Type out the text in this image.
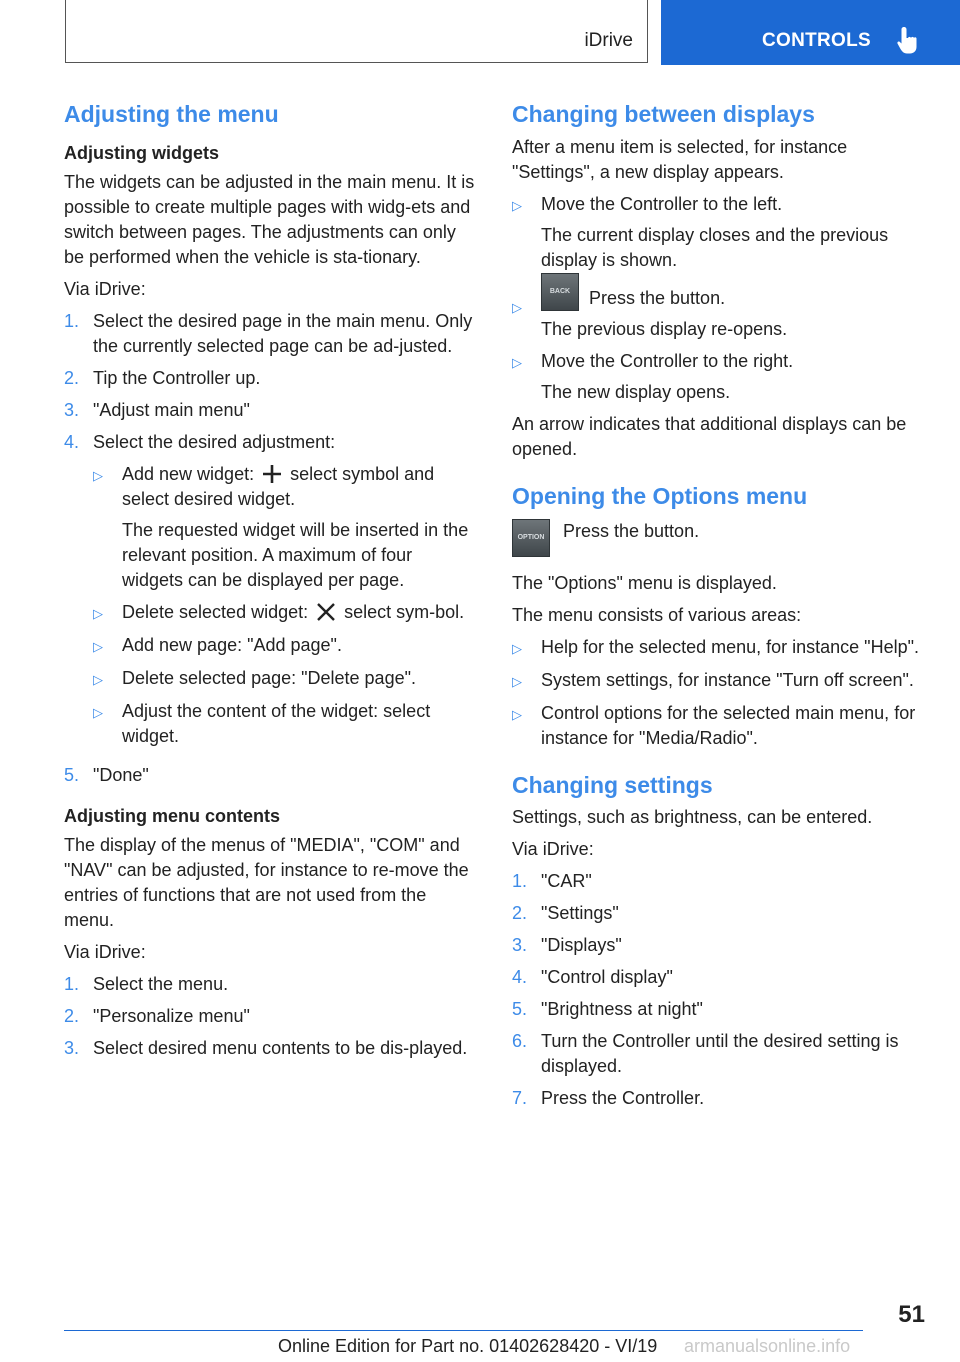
iDrive	CONTROLS
Adjusting the menu
Adjusting widgets
The widgets can be adjusted in the main menu. It is possible to create multiple pages with widg‐ets and switch between pages. The adjustments can only be performed when the vehicle is sta‐tionary.
Via iDrive:
1. Select the desired page in the main menu. Only the currently selected page can be ad‐justed.
2. Tip the Controller up.
3. "Adjust main menu"
4. Select the desired adjustment:
▷	Add new widget: select symbol and select desired widget.
The requested widget will be inserted in the relevant position. A maximum of four widgets can be displayed per page.
▷	Delete selected widget: select sym‐bol.
▷	Add new page: "Add page".
▷	Delete selected page: "Delete page".
▷	Adjust the content of the widget: select widget.
5. "Done"
Adjusting menu contents
The display of the menus of "MEDIA", "COM" and "NAV" can be adjusted, for instance to re‐move the entries of functions that are not used from the menu.
Via iDrive:
1. Select the menu.
2. "Personalize menu"
3. Select desired menu contents to be dis‐played.
Changing between displays
After a menu item is selected, for instance "Settings", a new display appears.
▷	Move the Controller to the left.
The current display closes and the previous display is shown.
▷
BACK	Press the button.
The previous display re-opens.
▷	Move the Controller to the right.
The new display opens.
An arrow indicates that additional displays can be opened.
Opening the Options menu
OPTION	Press the button.
The "Options" menu is displayed.
The menu consists of various areas:
▷	Help for the selected menu, for instance "Help".
▷	System settings, for instance "Turn off screen".
▷	Control options for the selected main menu, for instance for "Media/Radio".
Changing settings
Settings, such as brightness, can be entered.
Via iDrive:
1. "CAR"
2. "Settings"
3. "Displays"
4. "Control display"
5. "Brightness at night"
6. Turn the Controller until the desired setting is displayed.
7. Press the Controller.
51
Online Edition for Part no. 01402628420 - VI/19 armanualsonline.info
